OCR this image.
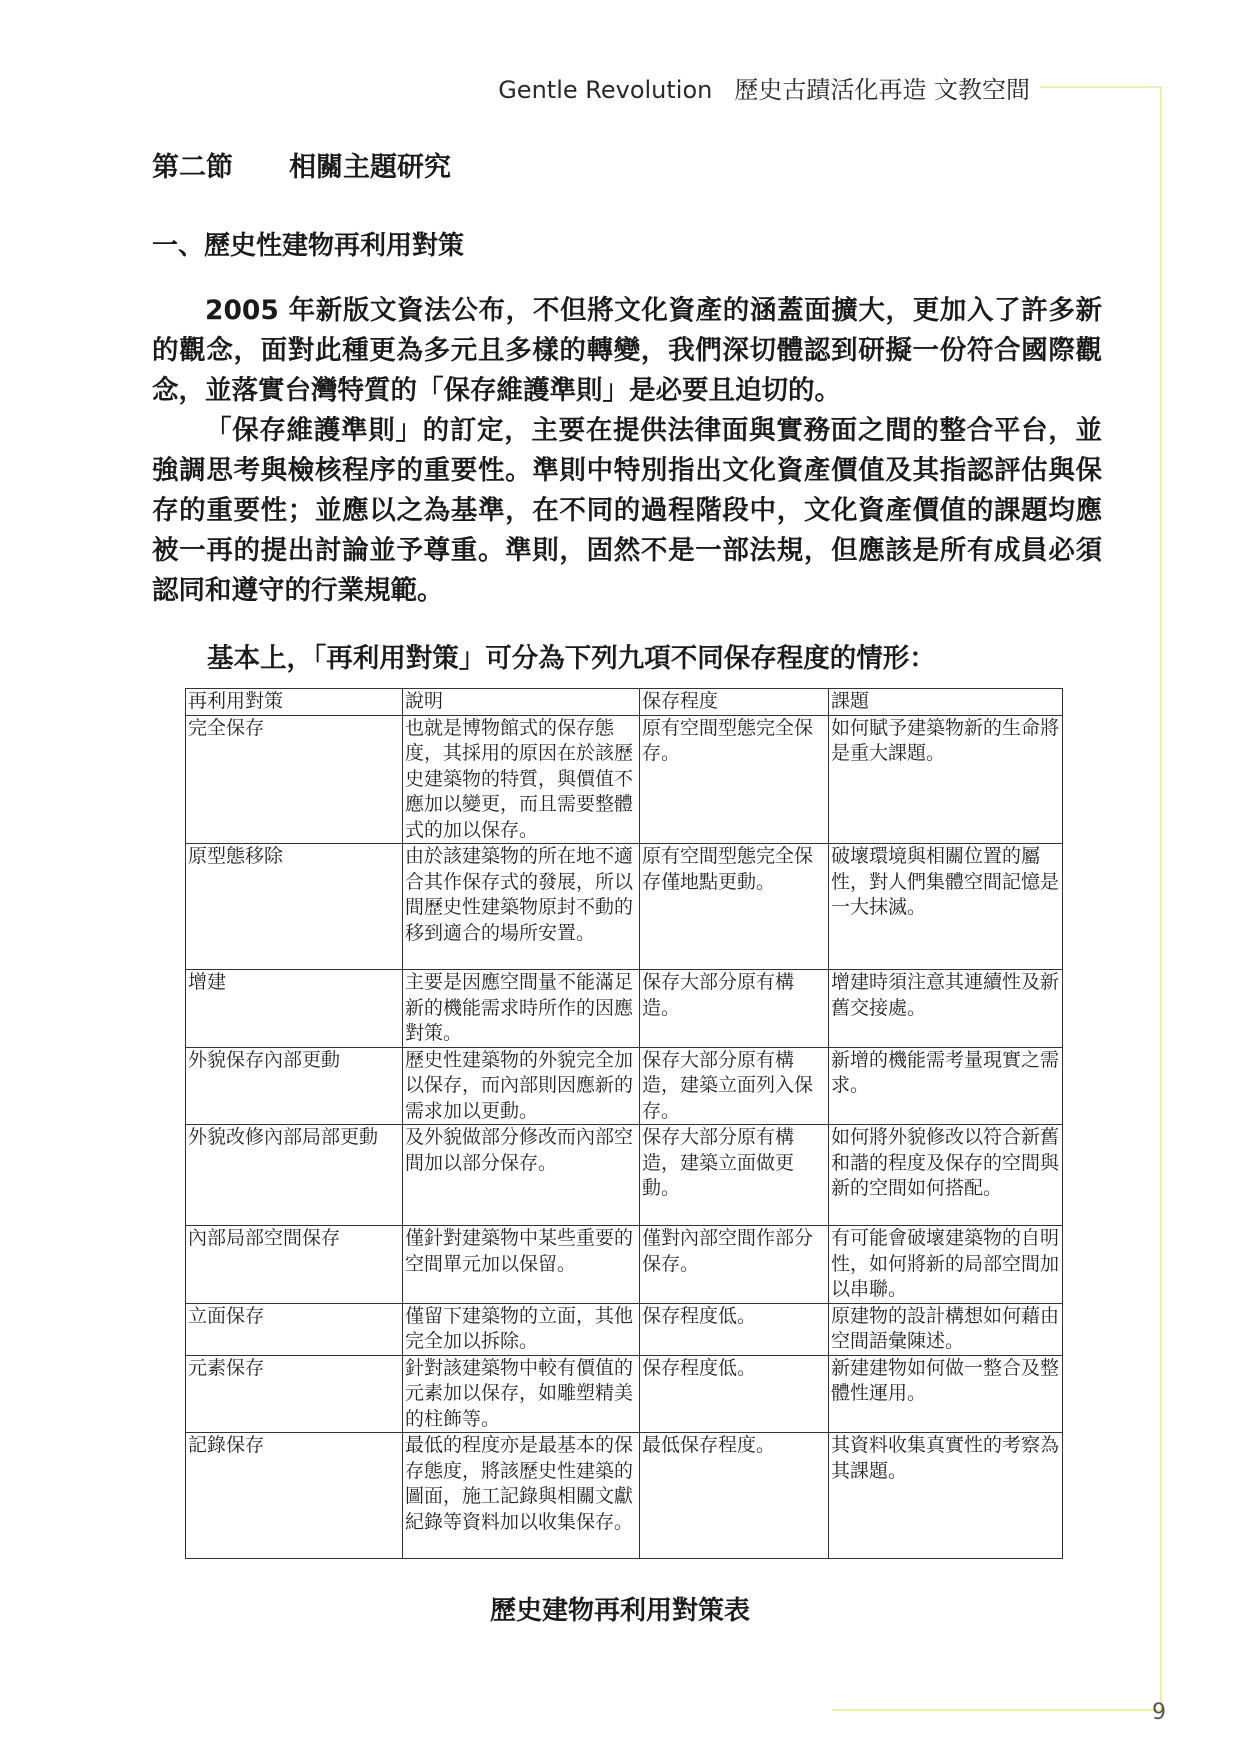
Gentle Revolution 歷史古蹟活化再造 文教空間
第二節 相關主題研究
一、歷史性建物再利用對策

2005 年新版文資法公布，不但將文化資產的涵蓋面擴大，更加入了許多新的觀念，面對此種更為多元且多樣的轉變，我們深切體認到研擬一份符合國際觀念，並落實台灣特質的「保存維護準則」是必要且迫切的。

「保存維護準則」的訂定，主要在提供法律面與實務面之間的整合平台，並強調思考與檢核程序的重要性。準則中特別指出文化資產價值及其指認評估與保存的重要性；並應以之為基準，在不同的過程階段中，文化資產價值的課題均應被一再的提出討論並予尊重。準則，固然不是一部法規，但應該是所有成員必須認同和遵守的行業規範。

基本上，「再利用對策」可分為下列九項不同保存程度的情形：
再利用對策	說明	保存程度	課題
完全保存	也就是博物館式的保存態度，其採用的原因在於該歷史建築物的特質，與價值不應加以變更，而且需要整體式的加以保存。	原有空間型態完全保存。	如何賦予建築物新的生命將是重大課題。
原型態移除	由於該建築物的所在地不適合其作保存式的發展，所以間歷史性建築物原封不動的移到適合的場所安置。	原有空間型態完全保存僅地點更動。	破壞環境與相關位置的屬性，對人們集體空間記憶是一大抹滅。
增建	主要是因應空間量不能滿足新的機能需求時所作的因應對策。	保存大部分原有構造。	增建時須注意其連續性及新舊交接處。
外貌保存內部更動	歷史性建築物的外貌完全加以保存，而內部則因應新的需求加以更動。	保存大部分原有構造，建築立面列入保存。	新增的機能需考量現實之需求。
外貌改修內部局部更動	及外貌做部分修改而內部空間加以部分保存。	保存大部分原有構造，建築立面做更動。	如何將外貌修改以符合新舊和諧的程度及保存的空間與新的空間如何搭配。
內部局部空間保存	僅針對建築物中某些重要的空間單元加以保留。	僅對內部空間作部分保存。	有可能會破壞建築物的自明性，如何將新的局部空間加以串聯。
立面保存	僅留下建築物的立面，其他完全加以拆除。	保存程度低。	原建物的設計構想如何藉由空間語彙陳述。
元素保存	針對該建築物中較有價值的元素加以保存，如雕塑精美的柱飾等。	保存程度低。	新建建物如何做一整合及整體性運用。
記錄保存	最低的程度亦是最基本的保存態度，將該歷史性建築的圖面，施工記錄與相關文獻紀錄等資料加以收集保存。	最低保存程度。	其資料收集真實性的考察為其課題。
歷史建物再利用對策表
9
